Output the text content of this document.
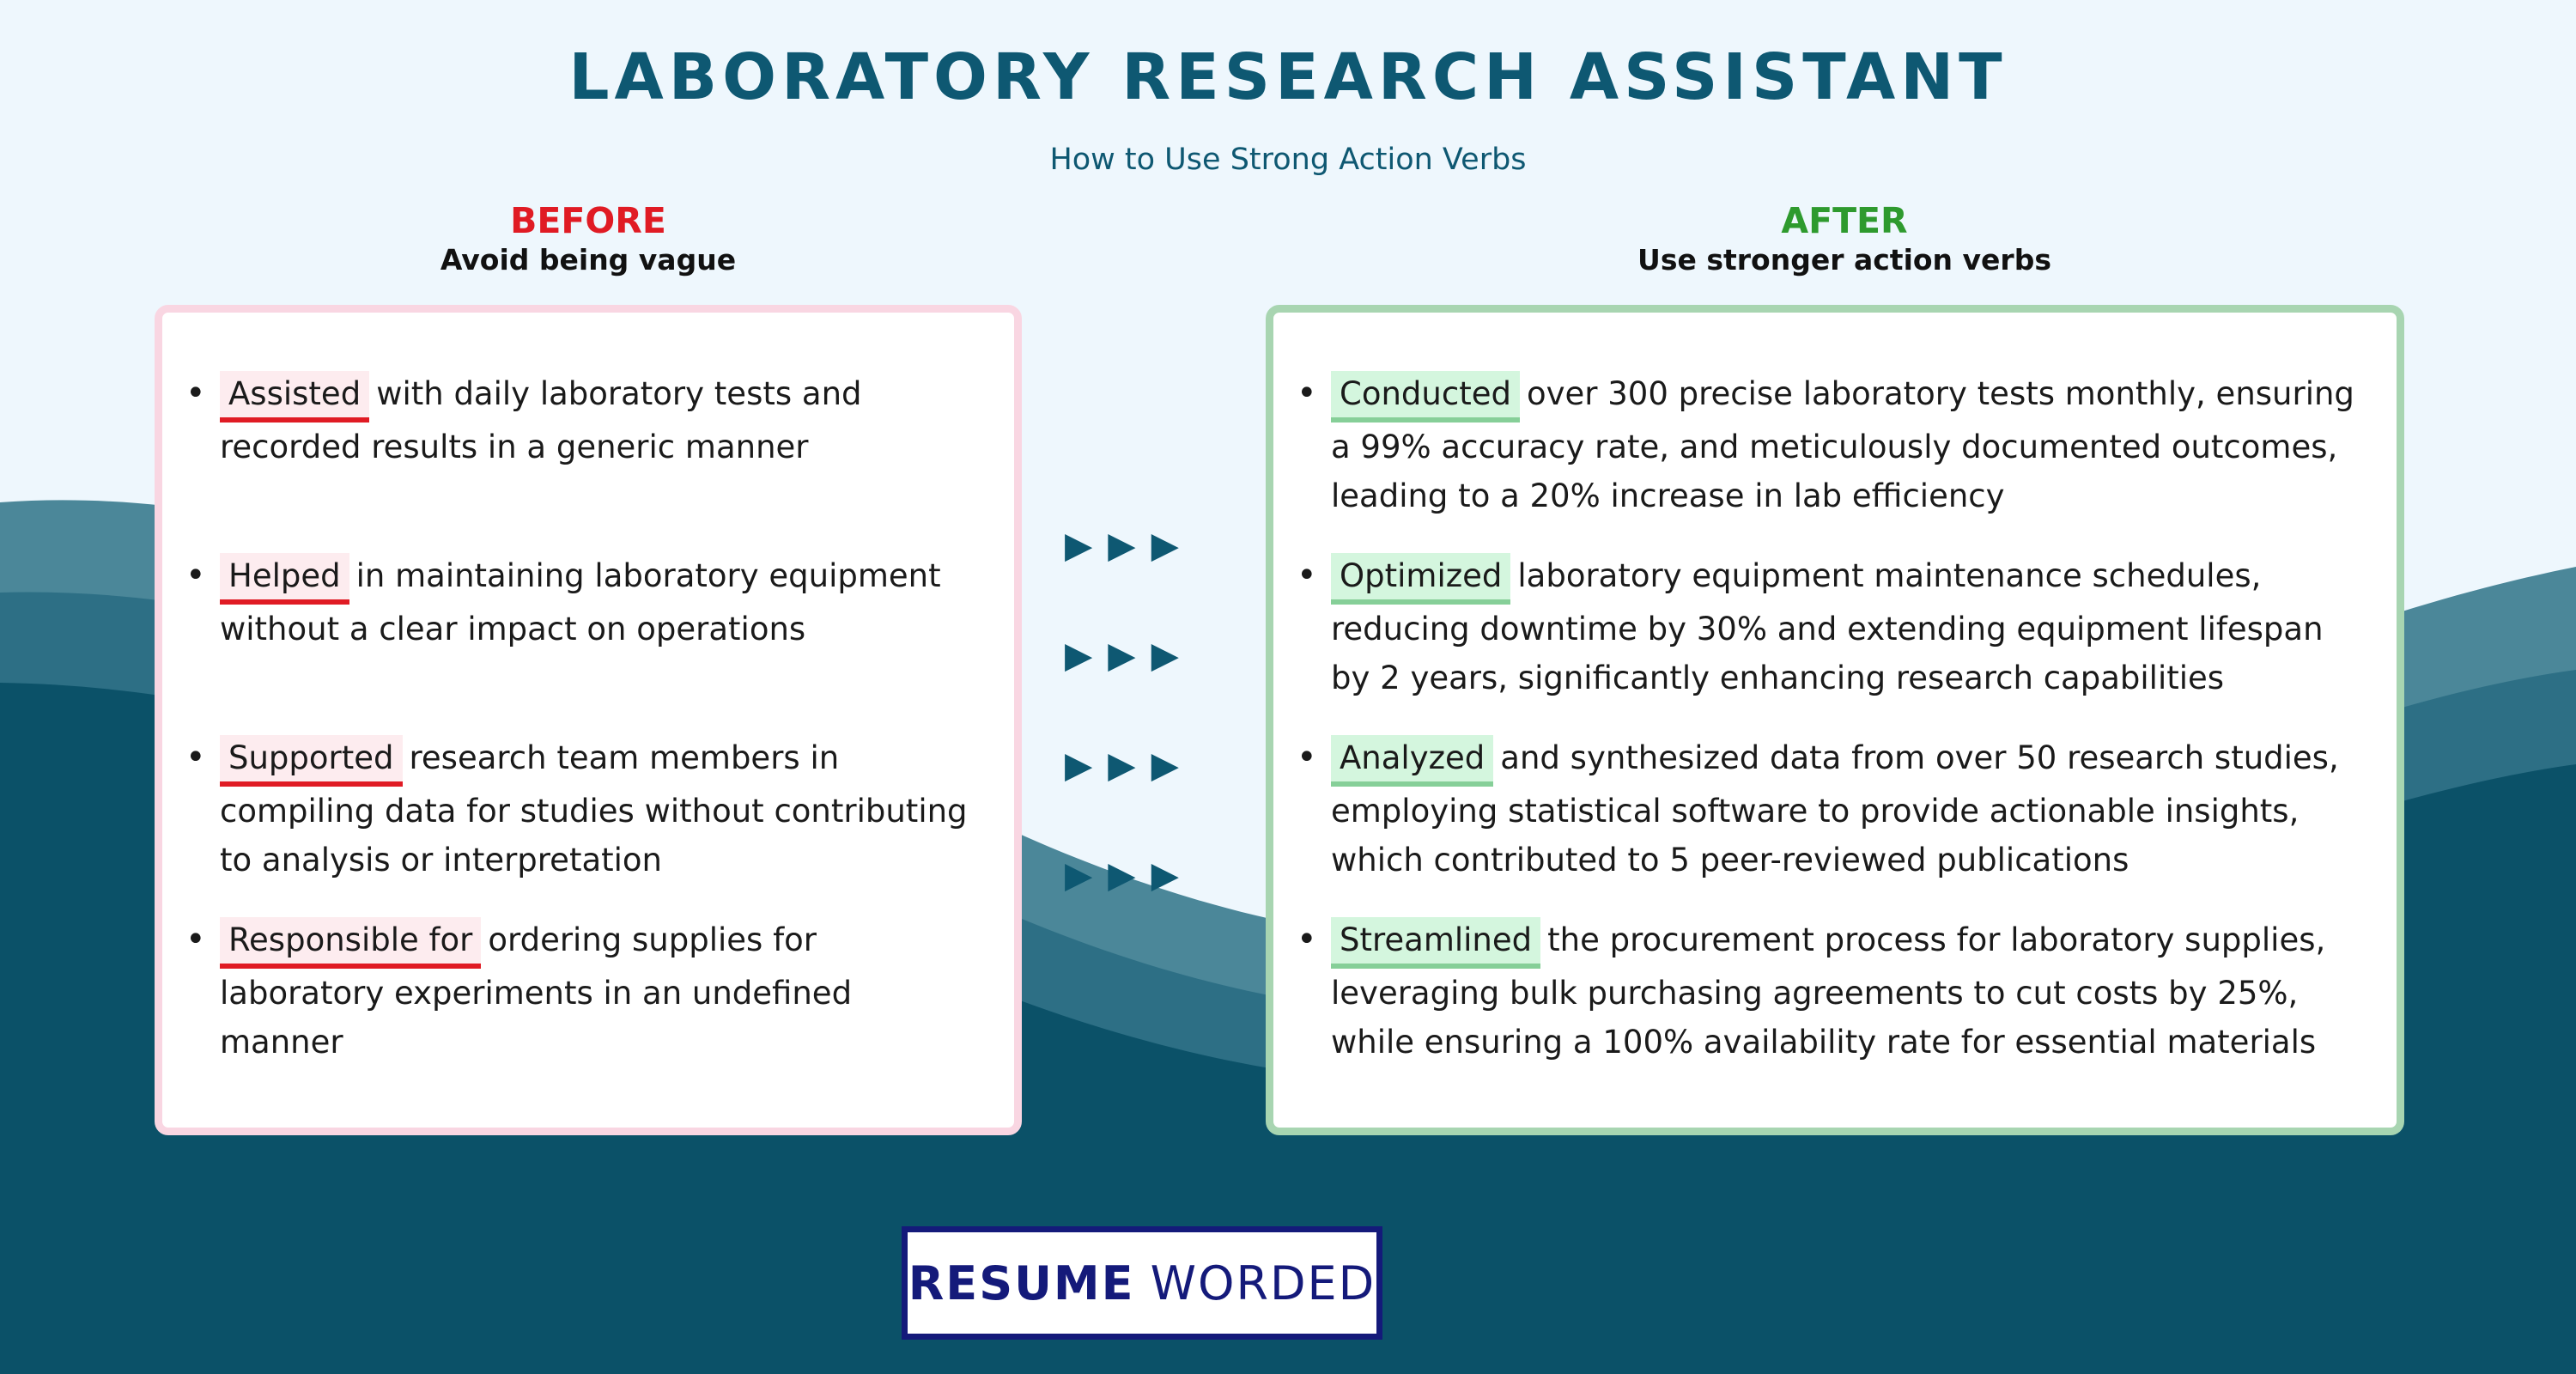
LABORATORY RESEARCH ASSISTANT
How to Use Strong Action Verbs
BEFORE
Avoid being vague
AFTER
Use stronger action verbs
• Assisted with daily laboratory tests and recorded results in a generic manner
• Helped in maintaining laboratory equipment without a clear impact on operations
• Supported research team members in compiling data for studies without contributing to analysis or interpretation
• Responsible for ordering supplies for laboratory experiments in an undefined manner
▶▶▶
▶▶▶
▶▶▶
▶▶▶
• Conducted over 300 precise laboratory tests monthly, ensuring a 99% accuracy rate, and meticulously documented outcomes, leading to a 20% increase in lab efficiency
• Optimized laboratory equipment maintenance schedules, reducing downtime by 30% and extending equipment lifespan by 2 years, significantly enhancing research capabilities
• Analyzed and synthesized data from over 50 research studies, employing statistical software to provide actionable insights, which contributed to 5 peer-reviewed publications
• Streamlined the procurement process for laboratory supplies, leveraging bulk purchasing agreements to cut costs by 25%, while ensuring a 100% availability rate for essential materials
RESUME WORDED
